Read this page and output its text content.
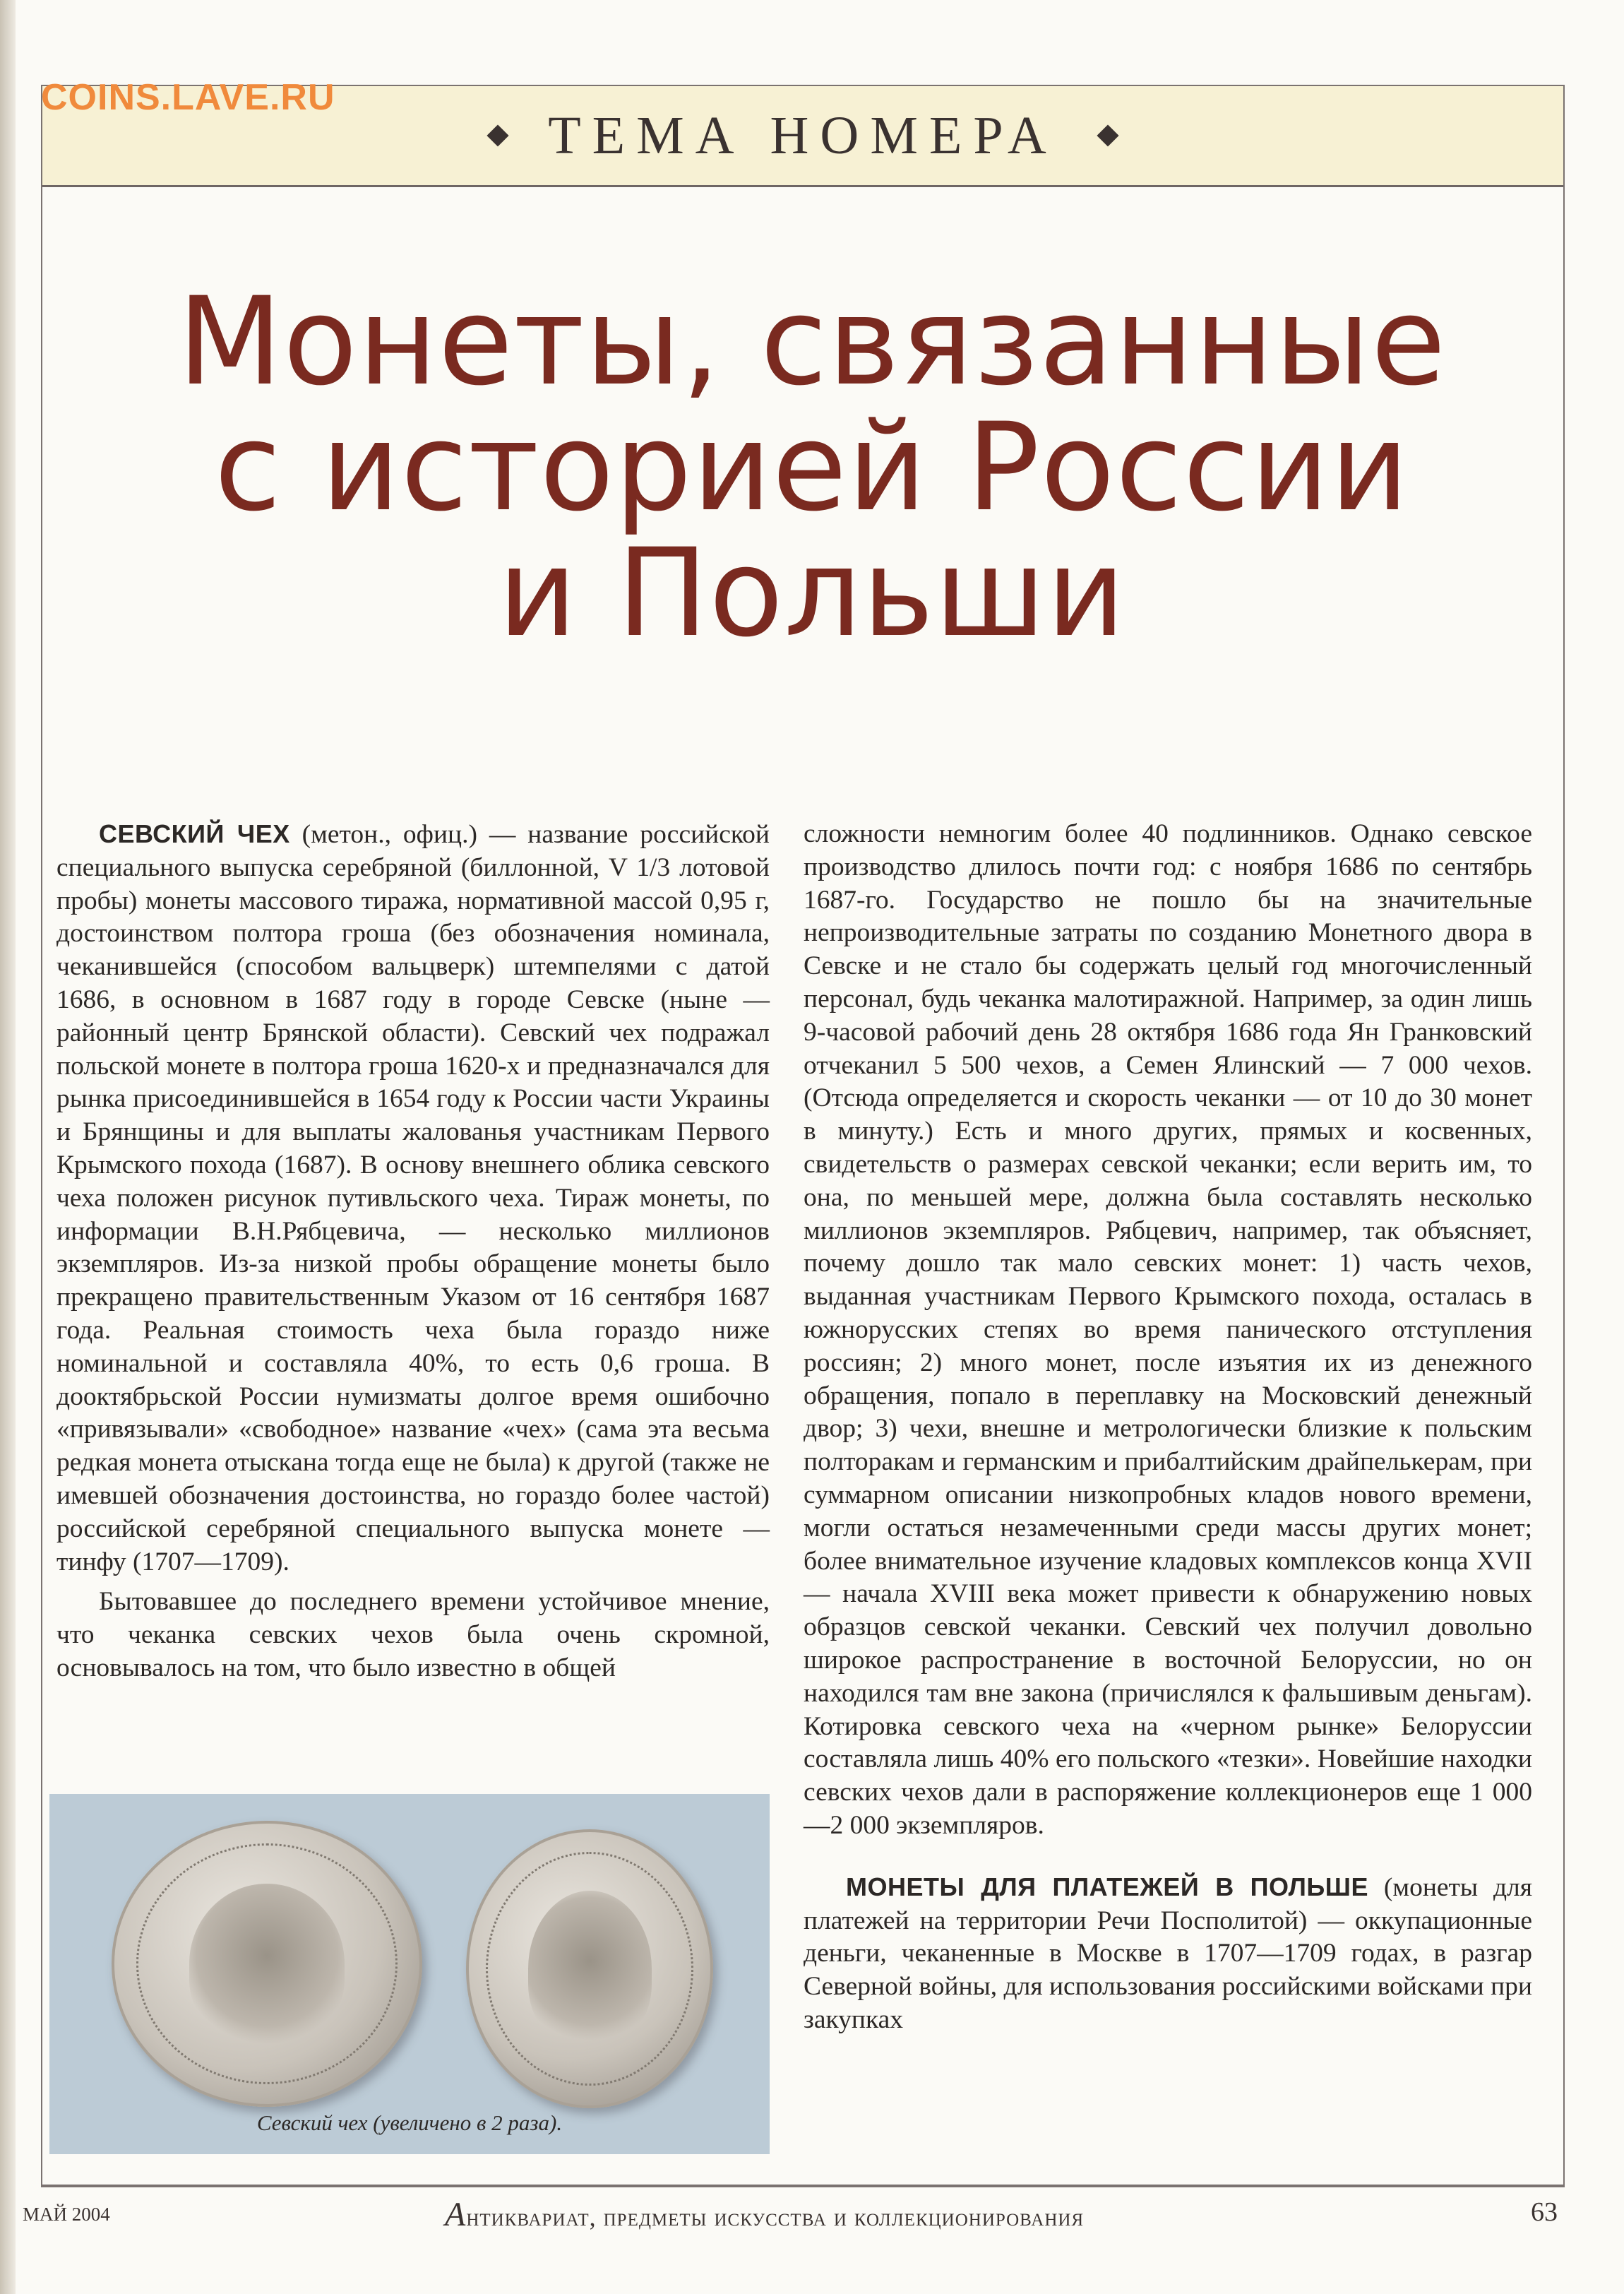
ТЕМА НОМЕРА
COINS.LAVE.RU
Монеты, связанные
с историей России
и Польши

СЕВСКИЙ ЧЕХ (метон., офиц.) — название российской специального выпуска серебряной (биллонной, V 1/3 лотовой пробы) монеты массового тиража, нормативной массой 0,95 г, достоинством полтора гроша (без обозначения номинала, чеканившейся (способом вальцверк) штемпелями с датой 1686, в основном в 1687 году в городе Севске (ныне — районный центр Брянской области). Севский чех подражал польской монете в полтора гроша 1620-х и предназначался для рынка присоединившейся в 1654 году к России части Украины и Брянщины и для выплаты жалованья участникам Первого Крымского похода (1687). В основу внешнего облика севского чеха положен рисунок путивльского чеха. Тираж монеты, по информации В.Н.Рябцевича, — несколько миллионов экземпляров. Из-за низкой пробы обращение монеты было прекращено правительственным Указом от 16 сентября 1687 года. Реальная стоимость чеха была гораздо ниже номинальной и составляла 40%, то есть 0,6 гроша. В дооктябрьской России нумизматы долгое время ошибочно «привязывали» «свободное» название «чех» (сама эта весьма редкая монета отыскана тогда еще не была) к другой (также не имевшей обозначения достоинства, но гораздо более частой) российской серебряной специального выпуска монете — тинфу (1707—1709).

Бытовавшее до последнего времени устойчивое мнение, что чеканка севских чехов была очень скромной, основывалось на том, что было известно в общей

сложности немногим более 40 подлинников. Однако севское производство длилось почти год: с ноября 1686 по сентябрь 1687-го. Государство не пошло бы на значительные непроизводительные затраты по созданию Монетного двора в Севске и не стало бы содержать целый год многочисленный персонал, будь чеканка малотиражной. Например, за один лишь 9-часовой рабочий день 28 октября 1686 года Ян Гранковский отчеканил 5 500 чехов, а Семен Ялинский — 7 000 чехов. (Отсюда определяется и скорость чеканки — от 10 до 30 монет в минуту.) Есть и много других, прямых и косвенных, свидетельств о размерах севской чеканки; если верить им, то она, по меньшей мере, должна была составлять несколько миллионов экземпляров. Рябцевич, например, так объясняет, почему дошло так мало севских монет: 1) часть чехов, выданная участникам Первого Крымского похода, осталась в южнорусских степях во время панического отступления россиян; 2) много монет, после изъятия их из денежного обращения, попало в переплавку на Московский денежный двор; 3) чехи, внешне и метрологически близкие к польским полторакам и германским и прибалтийским драйпелькерам, при суммарном описании низкопробных кладов нового времени, могли остаться незамеченными среди массы других монет; более внимательное изучение кладовых комплексов конца XVII — начала XVIII века может привести к обнаружению новых образцов севской чеканки. Севский чех получил довольно широкое распространение в восточной Белоруссии, но он находился там вне закона (причислялся к фальшивым деньгам). Котировка севского чеха на «черном рынке» Белоруссии составляла лишь 40% его польского «тезки». Новейшие находки севских чехов дали в распоряжение коллекционеров еще 1 000—2 000 экземпляров.

МОНЕТЫ ДЛЯ ПЛАТЕЖЕЙ В ПОЛЬШЕ (монеты для платежей на территории Речи Посполитой) — оккупационные деньги, чеканенные в Москве в 1707—1709 годах, в разгар Северной войны, для использования российскими войсками при закупках

Севский чех (увеличено в 2 раза).
МАЙ 2004	Антиквариат, предметы искусства и коллекционирования	63
